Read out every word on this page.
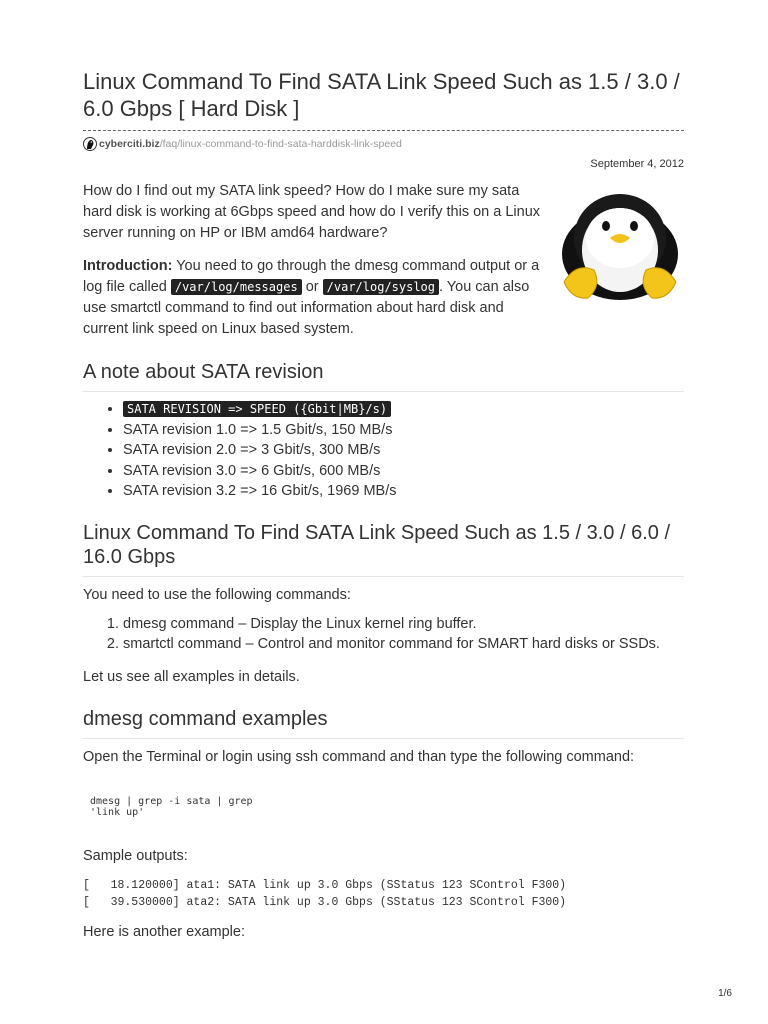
Linux Command To Find SATA Link Speed Such as 1.5 / 3.0 / 6.0 Gbps [ Hard Disk ]
cyberciti.biz /faq/linux-command-to-find-sata-harddisk-link-speed
September 4, 2012

How do I find out my SATA link speed? How do I make sure my sata hard disk is working at 6Gbps speed and how do I verify this on a Linux server running on HP or IBM amd64 hardware?

Introduction: You need to go through the dmesg command output or a log file called /var/log/messages or /var/log/syslog . You can also use smartctl command to find out information about hard disk and current link speed on Linux based system.

A note about SATA revision
• SATA REVISION => SPEED ({Gbit|MB}/s)
• SATA revision 1.0 => 1.5 Gbit/s, 150 MB/s
• SATA revision 2.0 => 3 Gbit/s, 300 MB/s
• SATA revision 3.0 => 6 Gbit/s, 600 MB/s
• SATA revision 3.2 => 16 Gbit/s, 1969 MB/s
Linux Command To Find SATA Link Speed Such as 1.5 / 3.0 / 6.0 / 16.0 Gbps

You need to use the following commands:

1. dmesg command – Display the Linux kernel ring buffer.
2. smartctl command – Control and monitor command for SMART hard disks or SSDs.

Let us see all examples in details.

dmesg command examples

Open the Terminal or login using ssh command and than type the following command:

dmesg | grep -i sata | grep
'link up'

Sample outputs:

[   18.120000] ata1: SATA link up 3.0 Gbps (SStatus 123 SControl F300)
[   39.530000] ata2: SATA link up 3.0 Gbps (SStatus 123 SControl F300)

Here is another example:

1/6
